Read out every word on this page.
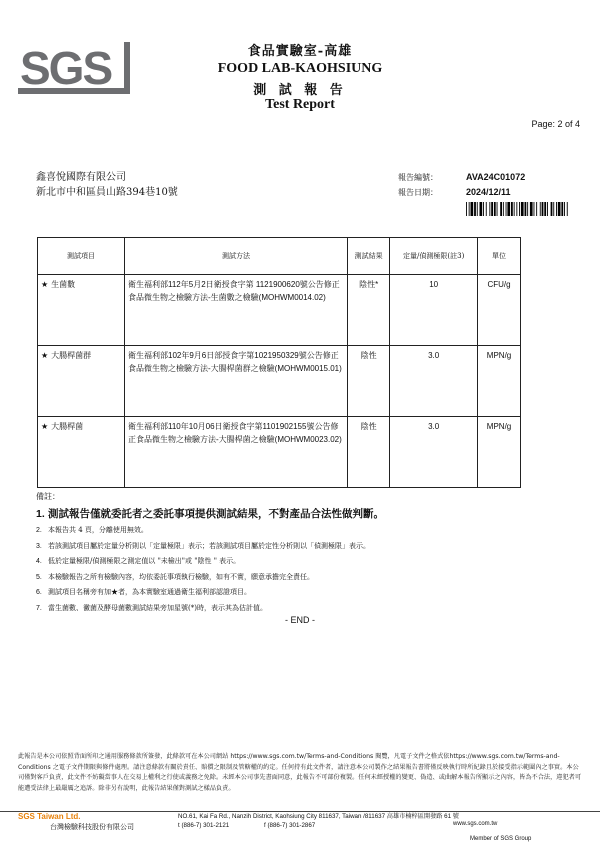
SGS	食品實驗室-高雄
FOOD LAB-KAOHSIUNG
測 試 報 告
Test Report
Page: 2 of 4
鑫喜悅國際有限公司
新北市中和區員山路394巷10號
報告編號：	AVA24C01072
報告日期：	2024/12/11
測試項目	測試方法	測試結果	定量/偵測極限(註3)	單位
★ 生菌數	衛生福利部112年5月2日衛授食字第 1121900620號公告修正食品微生物之檢驗方法-生菌數之檢驗(MOHWM0014.02)	陰性*	10	CFU/g
★ 大腸桿菌群	衛生福利部102年9月6日部授食字第1021950329號公告修正食品微生物之檢驗方法-大腸桿菌群之檢驗(MOHWM0015.01)	陰性	3.0	MPN/g
★ 大腸桿菌	衛生福利部110年10月06日衛授食字第1101902155號公告修正食品微生物之檢驗方法-大腸桿菌之檢驗(MOHWM0023.02)	陰性	3.0	MPN/g
備註：
1. 測試報告僅就委託者之委託事項提供測試結果，不對產品合法性做判斷。
2. 本報告共 4 頁，分離使用無效。
3. 若該測試項目屬於定量分析則以「定量極限」表示；若該測試項目屬於定性分析則以「偵測極限」表示。
4. 低於定量極限/偵測極限之測定值以 "未檢出"或 "陰性 " 表示。
5. 本檢驗報告之所有檢驗內容，均依委託事項執行檢驗，如有不實，願意承擔完全責任。
6. 測試項目名稱旁有加★者，為本實驗室通過衛生福利部認證項目。
7. 當生菌數、黴菌及酵母菌數測試結果旁加星號(*)時，表示其為估計值。
- END -
此報告是本公司依照背面所印之通用服務條款所簽發，此條款可在本公司網站 https://www.sgs.com.tw/Terms-and-Conditions 閱覽，凡電子文件之格式依https://www.sgs.com.tw/Terms-and-Conditions 之電子文件期限與條件處理。請注意條款有關於責任、賠償之限制及管轄權的約定。任何持有此文件者，請注意本公司製作之結果報告書將僅反映執行時所紀錄且於接受指示範圍內之事實。本公司僅對客戶負責，此文件不妨礙當事人在交易上權利之行使或義務之免除。未經本公司事先書面同意，此報告不可部份複製。任何未經授權的變更、偽造、或曲解本報告所顯示之內容，皆為不合法，違犯者可能遭受法律上最嚴厲之追訴。除非另有說明，此報告結果僅對測試之樣品負責。
SGS Taiwan Ltd.
台灣檢驗科技股份有限公司
NO.61, Kai Fa Rd., Nanzih District, Kaohsiung City 811637, Taiwan /811637 高雄市楠梓區開發路 61 號
t (886-7) 301-2121	f (886-7) 301-2867	www.sgs.com.tw
Member of SGS Group
